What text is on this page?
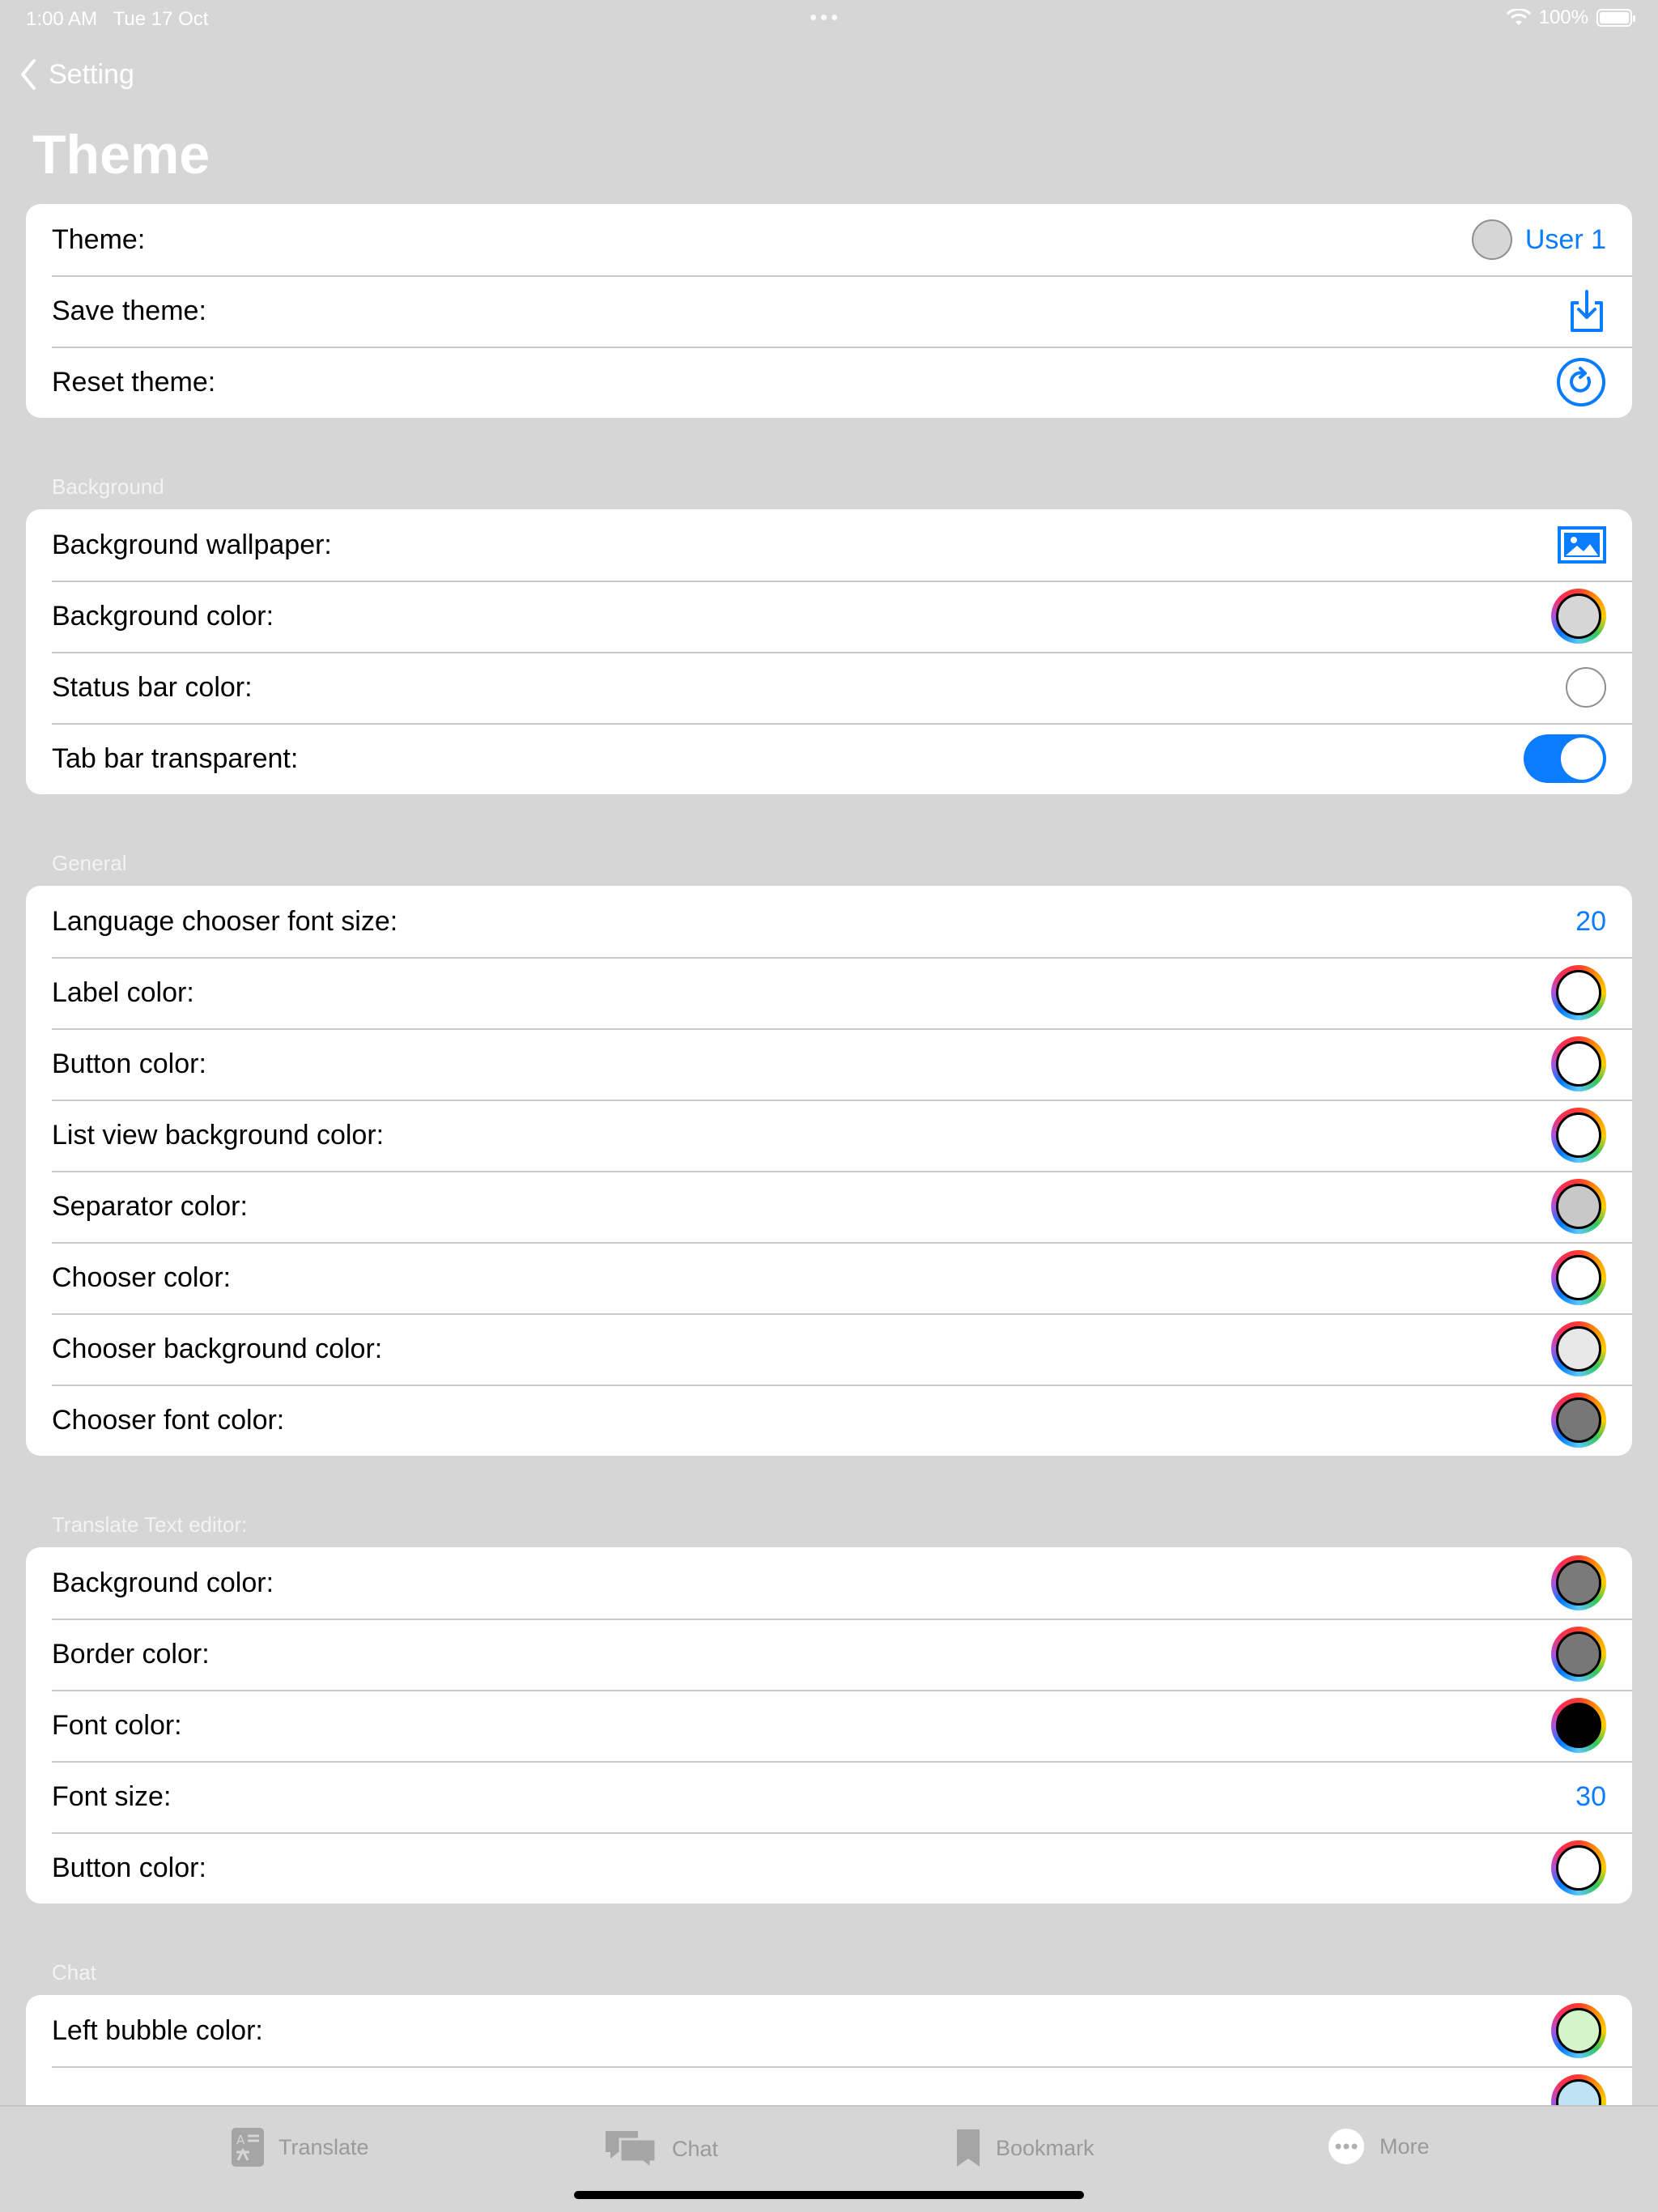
1:00 AM Tue 17 Oct	•••	100%
Setting
Theme
Theme:	User 1
Save theme:
Reset theme:
Background
Background wallpaper:
Background color:
Status bar color:
Tab bar transparent:
General
Language chooser font size:	20
Label color:
Button color:
List view background color:
Separator color:
Chooser color:
Chooser background color:
Chooser font color:
Translate Text editor:
Background color:
Border color:
Font color:
Font size:	30
Button color:
Chat
Left bubble color:
A Translate	Chat	Bookmark	More
